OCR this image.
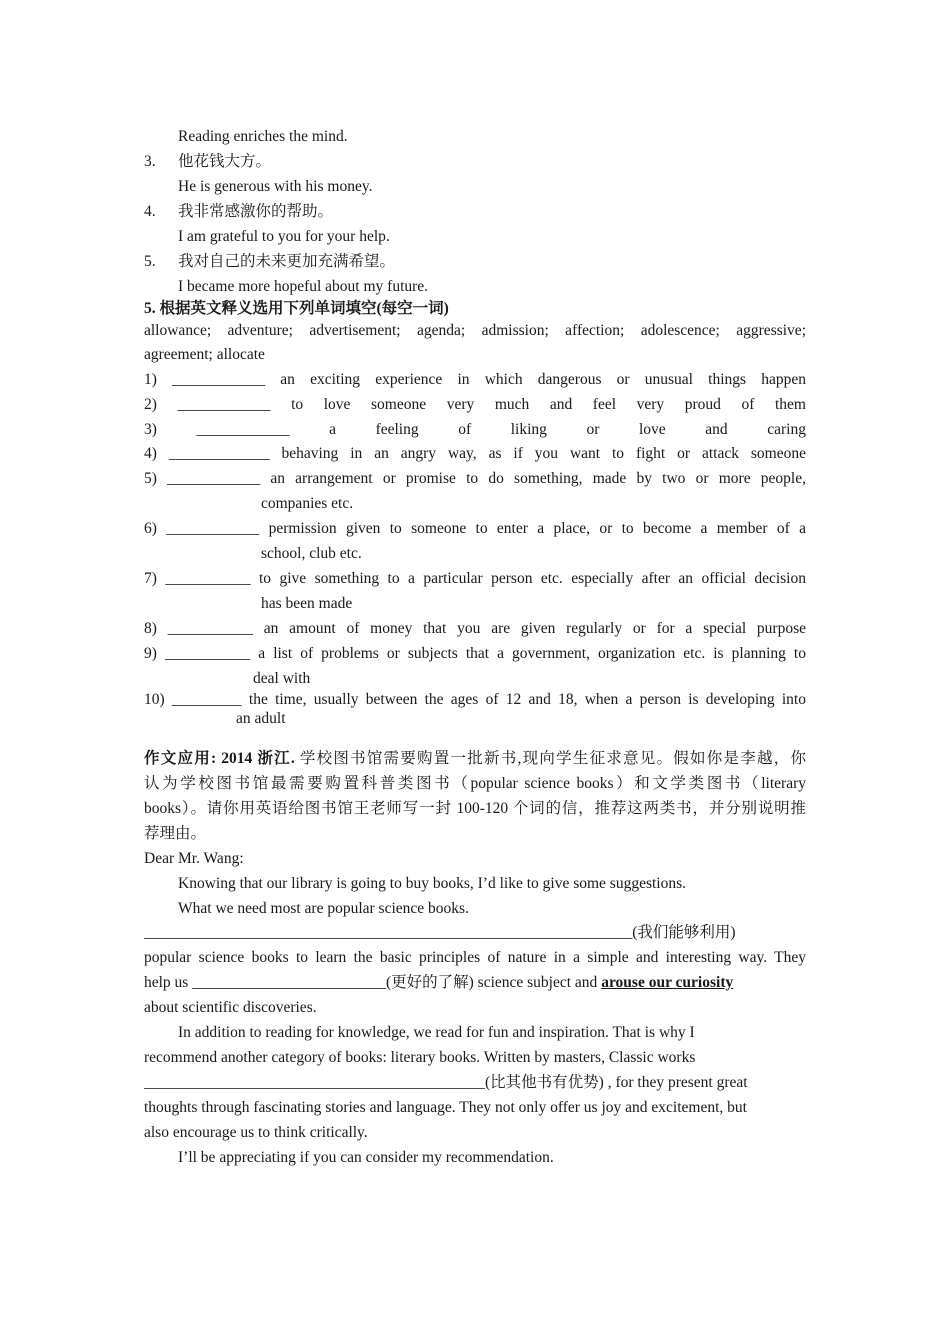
Reading enriches the mind.
3.	他花钱大方。
He is generous with his money.
4.	我非常感激你的帮助。
I am grateful to you for your help.
5.	我对自己的未来更加充满希望。
I became more hopeful about my future.
5. 根据英文释义选用下列单词填空(每空一词)
allowance; adventure; advertisement; agenda; admission; affection; adolescence; aggressive;
agreement; allocate
1) ____________ an exciting experience in which dangerous or unusual things happen
2) ____________ to love someone very much and feel very proud of them
3) ____________ a feeling of liking or love and caring
4) _____________ behaving in an angry way, as if you want to fight or attack someone
5) ____________ an arrangement or promise to do something, made by two or more people,
companies etc.
6) ____________ permission given to someone to enter a place, or to become a member of a
school, club etc.
7) ___________ to give something to a particular person etc. especially after an official decision
has been made
8) ___________ an amount of money that you are given regularly or for a special purpose
9) ___________ a list of problems or subjects that a government, organization etc. is planning to
deal with
10) _________ the time, usually between the ages of 12 and 18, when a person is developing into
an adult
作文应用: 2014 浙江. 学校图书馆需要购置一批新书,现向学生征求意见。假如你是李越，你
认为学校图书馆最需要购置科普类图书（popular science books）和文学类图书（literary
books）。请你用英语给图书馆王老师写一封 100-120 个词的信，推荐这两类书，并分别说明推
荐理由。
Dear Mr. Wang:
Knowing that our library is going to buy books, I’d like to give some suggestions.
What we need most are popular science books.
_______________________________________________________________(我们能够利用)
popular science books to learn the basic principles of nature in a simple and interesting way. They
help us _________________________(更好的了解) science subject and arouse our curiosity
about scientific discoveries.
In addition to reading for knowledge, we read for fun and inspiration. That is why I
recommend another category of books: literary books. Written by masters, Classic works
____________________________________________(比其他书有优势) , for they present great
thoughts through fascinating stories and language. They not only offer us joy and excitement, but
also encourage us to think critically.
I’ll be appreciating if you can consider my recommendation.
